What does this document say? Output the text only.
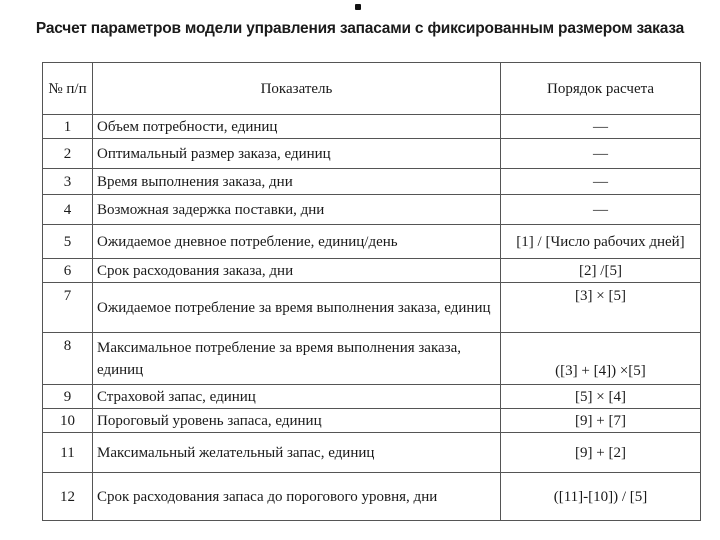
Расчет параметров модели управления запасами с фиксированным размером заказа
№ п/п	Показатель	Порядок расчета
1	Объем потребности, единиц	—
2	Оптимальный размер заказа, единиц	—
3	Время выполнения заказа, дни	—
4	Возможная задержка поставки, дни	—
5	Ожидаемое дневное потребление, единиц/день	[1] / [Число рабочих дней]
6	Срок расходования заказа, дни	[2] /[5]
7	Ожидаемое потребление за время выполнения заказа, единиц	[3] × [5]
8	Максимальное потребление за время выполнения заказа, единиц	([3] + [4]) ×[5]
9	Страховой запас, единиц	[5] × [4]
10	Пороговый уровень запаса, единиц	[9] + [7]
11	Максимальный желательный запас, единиц	[9] + [2]
12	Срок расходования запаса до порогового уровня, дни	([11]-[10]) / [5]
